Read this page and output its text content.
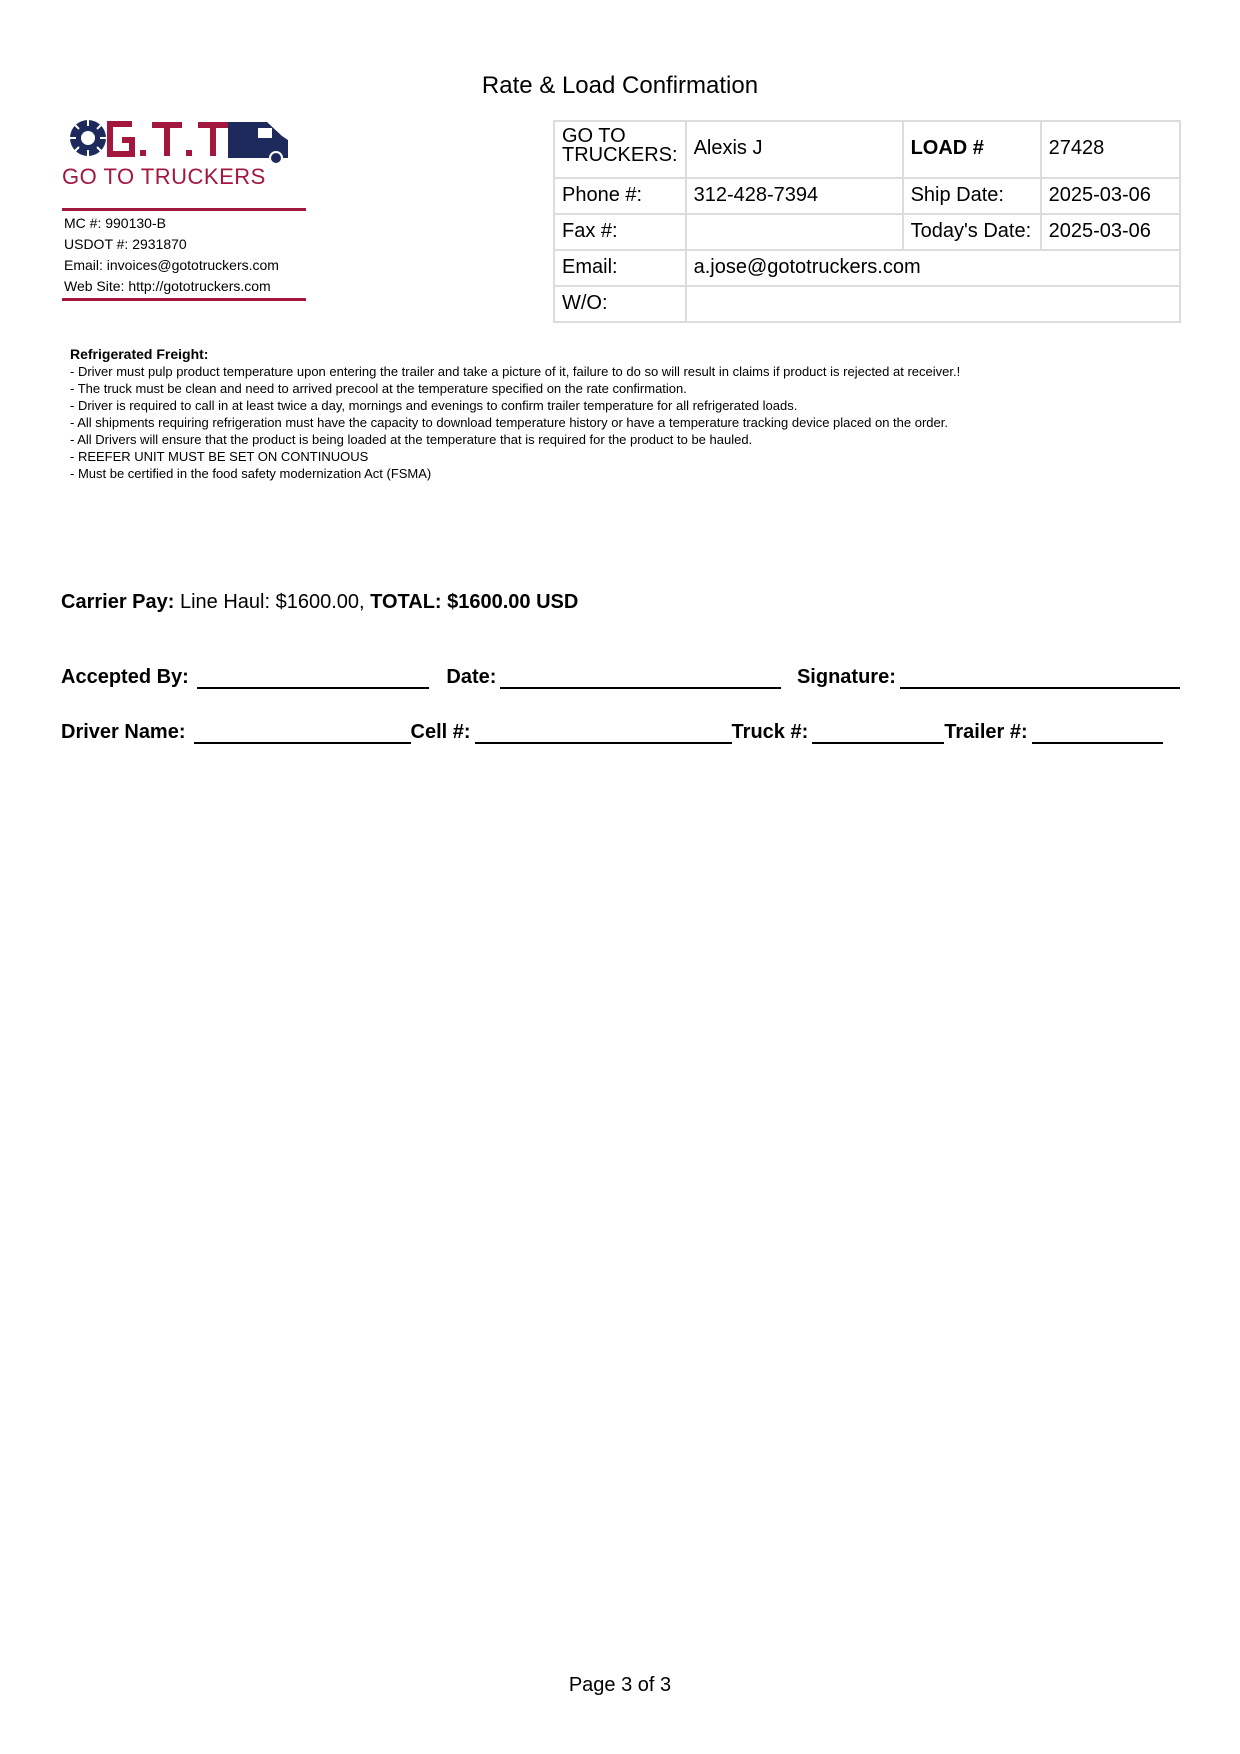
Rate & Load Confirmation
GO TO TRUCKERS
MC #: 990130-B
USDOT #: 2931870
Email: invoices@gototruckers.com
Web Site: http://gototruckers.com
GO TO
TRUCKERS:	Alexis J	LOAD #	27428
Phone #:	312-428-7394	Ship Date:	2025-03-06
Fax #:		Today's Date:	2025-03-06
Email:	a.jose@gototruckers.com		
W/O:			
Refrigerated Freight:
- Driver must pulp product temperature upon entering the trailer and take a picture of it, failure to do so will result in claims if product is rejected at receiver.!
- The truck must be clean and need to arrived precool at the temperature specified on the rate confirmation.
- Driver is required to call in at least twice a day, mornings and evenings to confirm trailer temperature for all refrigerated loads.
- All shipments requiring refrigeration must have the capacity to download temperature history or have a temperature tracking device placed on the order.
- All Drivers will ensure that the product is being loaded at the temperature that is required for the product to be hauled.
- REEFER UNIT MUST BE SET ON CONTINUOUS
- Must be certified in the food safety modernization Act (FSMA)
Carrier Pay: Line Haul: $1600.00, TOTAL: $1600.00 USD
Accepted By:	Date:	Signature:
Driver Name:	Cell #:	Truck #:	Trailer #:
Page 3 of 3
